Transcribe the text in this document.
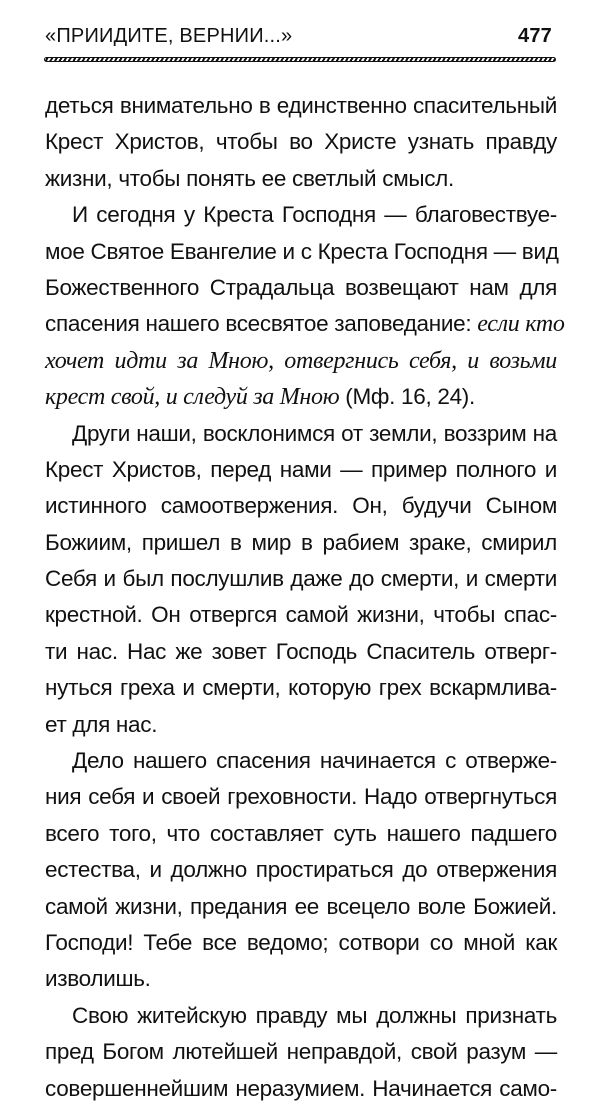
«ПРИИДИТЕ, ВЕРНИИ...»	477
деться внимательно в единственно спасительный
Крест Христов, чтобы во Христе узнать правду
жизни, чтобы понять ее светлый смысл.
И сегодня у Креста Господня — благовествуе-
мое Святое Евангелие и с Креста Господня — вид
Божественного Страдальца возвещают нам для
спасения нашего всесвятое заповедание: если кто
хочет идти за Мною, отвергнись себя, и возьми
крест свой, и следуй за Мною (Мф. 16, 24).
Други наши, восклонимся от земли, воззрим на
Крест Христов, перед нами — пример полного и
истинного самоотвержения. Он, будучи Сыном
Божиим, пришел в мир в рабием зраке, смирил
Себя и был послушлив даже до смерти, и смерти
крестной. Он отвергся самой жизни, чтобы спас-
ти нас. Нас же зовет Господь Спаситель отверг-
нуться греха и смерти, которую грех вскармлива-
ет для нас.
Дело нашего спасения начинается с отверже-
ния себя и своей греховности. Надо отвергнуться
всего того, что составляет суть нашего падшего
естества, и должно простираться до отвержения
самой жизни, предания ее всецело воле Божией.
Господи! Тебе все ведомо; сотвори со мной как
изволишь.
Свою житейскую правду мы должны признать
пред Богом лютейшей неправдой, свой разум —
совершеннейшим неразумием. Начинается само-
